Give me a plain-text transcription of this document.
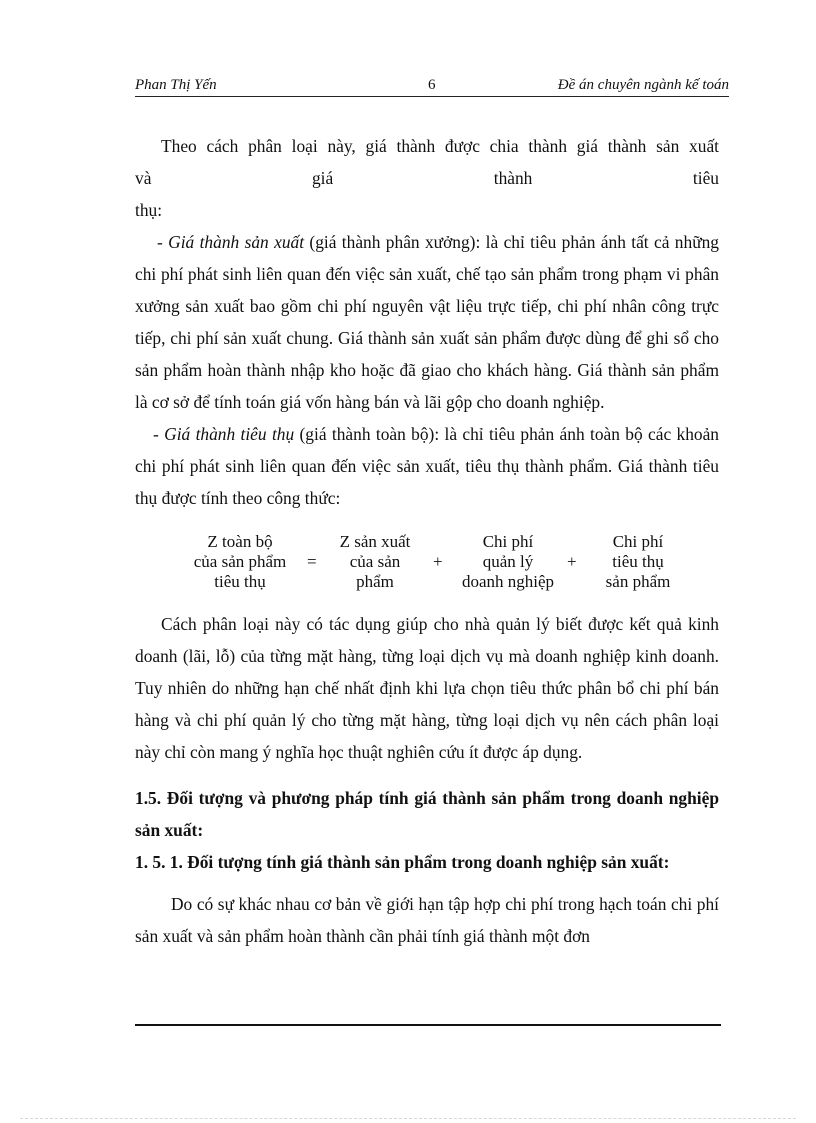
Phan Thị Yến	6	Đề án chuyên ngành kế toán

Theo cách phân loại này, giá thành được chia thành giá thành sản xuất

và giá thành tiêu thụ:

- Giá thành sản xuất (giá thành phân xưởng): là chỉ tiêu phản ánh tất cả những chi phí phát sinh liên quan đến việc sản xuất, chế tạo sản phẩm trong phạm vi phân xưởng sản xuất bao gồm chi phí nguyên vật liệu trực tiếp, chi phí nhân công trực tiếp, chi phí sản xuất chung. Giá thành sản xuất sản phẩm được dùng để ghi sổ cho sản phẩm hoàn thành nhập kho hoặc đã giao cho khách hàng. Giá thành sản phẩm là cơ sở để tính toán giá vốn hàng bán và lãi gộp cho doanh nghiệp.

- Giá thành tiêu thụ (giá thành toàn bộ): là chỉ tiêu phản ánh toàn bộ các khoản chi phí phát sinh liên quan đến việc sản xuất, tiêu thụ thành phẩm. Giá thành tiêu thụ được tính theo công thức:

Z toàn bộ
của sản phẩm
tiêu thụ
=
Z sản xuất
của sản
phẩm
+
Chi phí
quản lý
doanh nghiệp
+
Chi phí
tiêu thụ
sản phẩm

Cách phân loại này có tác dụng giúp cho nhà quản lý biết được kết quả kinh doanh (lãi, lỗ) của từng mặt hàng, từng loại dịch vụ mà doanh nghiệp kinh doanh. Tuy nhiên do những hạn chế nhất định khi lựa chọn tiêu thức phân bổ chi phí bán hàng và chi phí quản lý cho từng mặt hàng, từng loại dịch vụ nên cách phân loại này chỉ còn mang ý nghĩa học thuật nghiên cứu ít được áp dụng.

1.5. Đối tượng và phương pháp tính giá thành sản phẩm trong doanh nghiệp sản xuất:

1. 5. 1. Đối tượng tính giá thành sản phẩm trong doanh nghiệp sản xuất:

Do có sự khác nhau cơ bản về giới hạn tập hợp chi phí trong hạch toán chi phí sản xuất và sản phẩm hoàn thành cần phải tính giá thành một đơn
